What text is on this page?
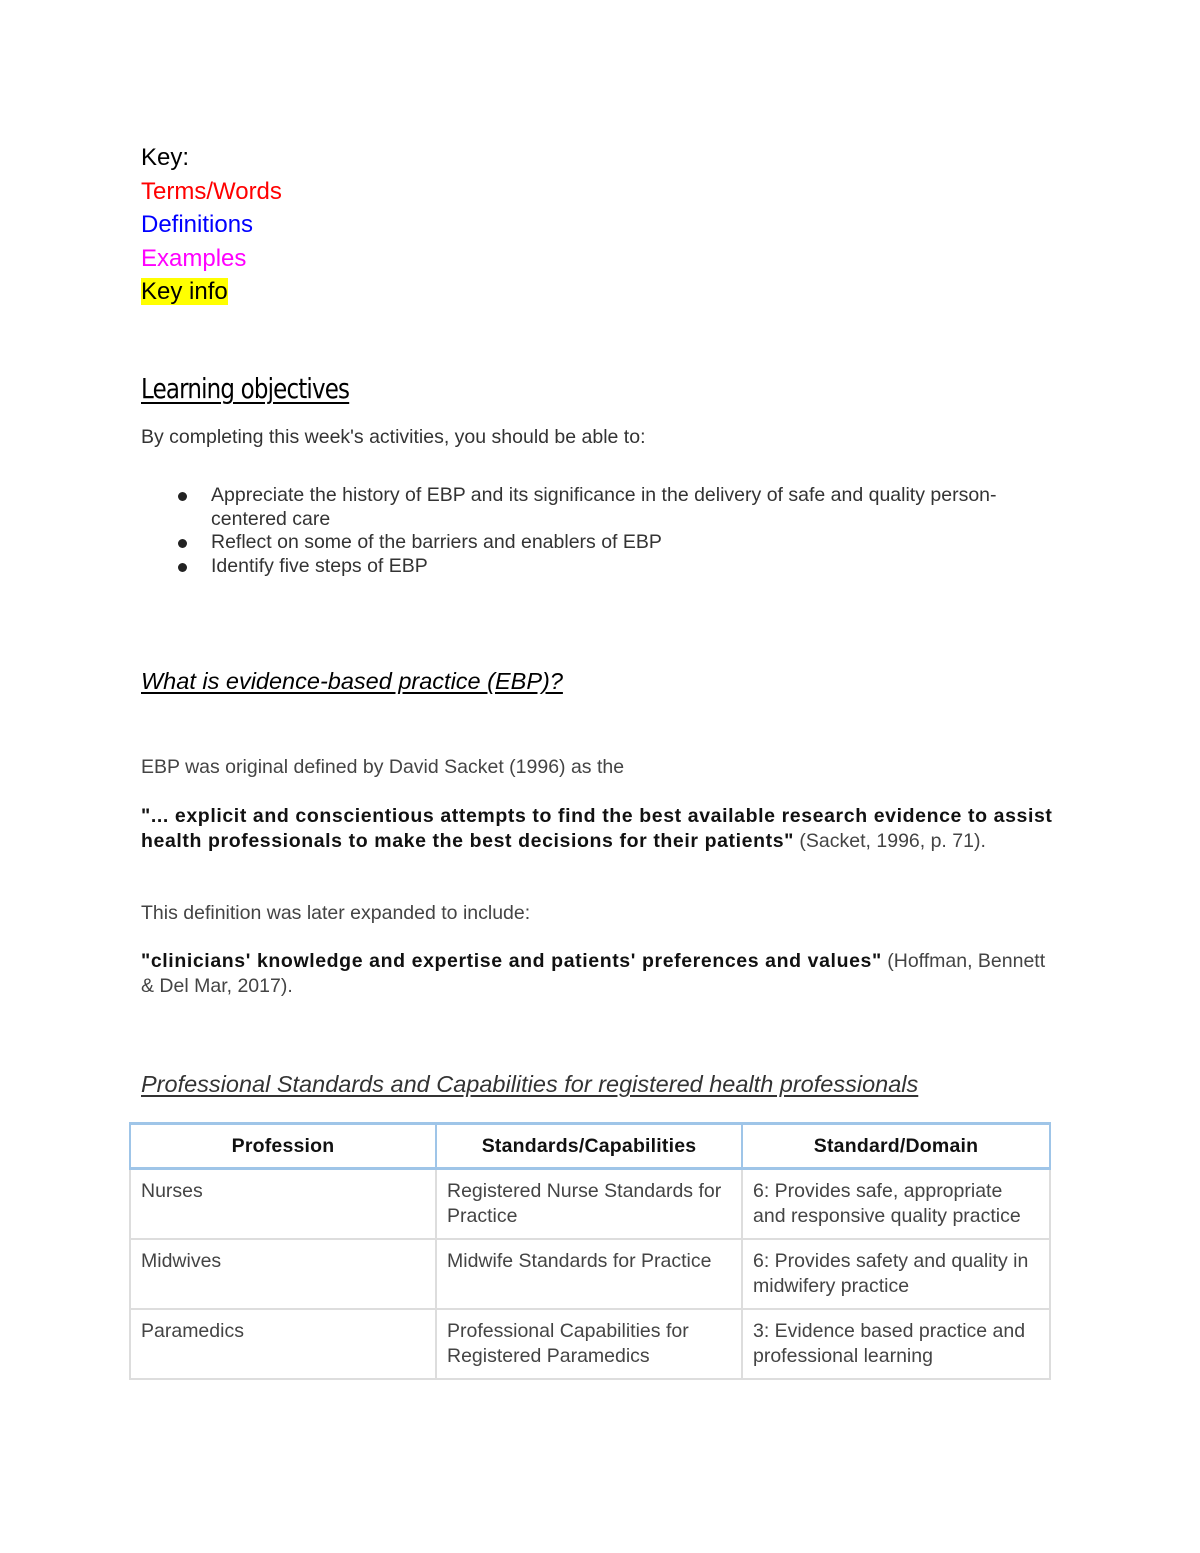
Key:
Terms/Words
Definitions
Examples
Key info
Learning objectives
By completing this week's activities, you should be able to:
Appreciate the history of EBP and its significance in the delivery of safe and quality person-centered care
Reflect on some of the barriers and enablers of EBP
Identify five steps of EBP
What is evidence-based practice (EBP)?
EBP was original defined by David Sacket (1996) as the
"... explicit and conscientious attempts to find the best available research evidence to assist health professionals to make the best decisions for their patients" (Sacket, 1996, p. 71).
This definition was later expanded to include:
"clinicians' knowledge and expertise and patients' preferences and values" (Hoffman, Bennett & Del Mar, 2017).
Professional Standards and Capabilities for registered health professionals
Profession	Standards/Capabilities	Standard/Domain
Nurses	Registered Nurse Standards for Practice	6: Provides safe, appropriate and responsive quality practice
Midwives	Midwife Standards for Practice	6: Provides safety and quality in midwifery practice
Paramedics	Professional Capabilities for Registered Paramedics	3: Evidence based practice and professional learning
